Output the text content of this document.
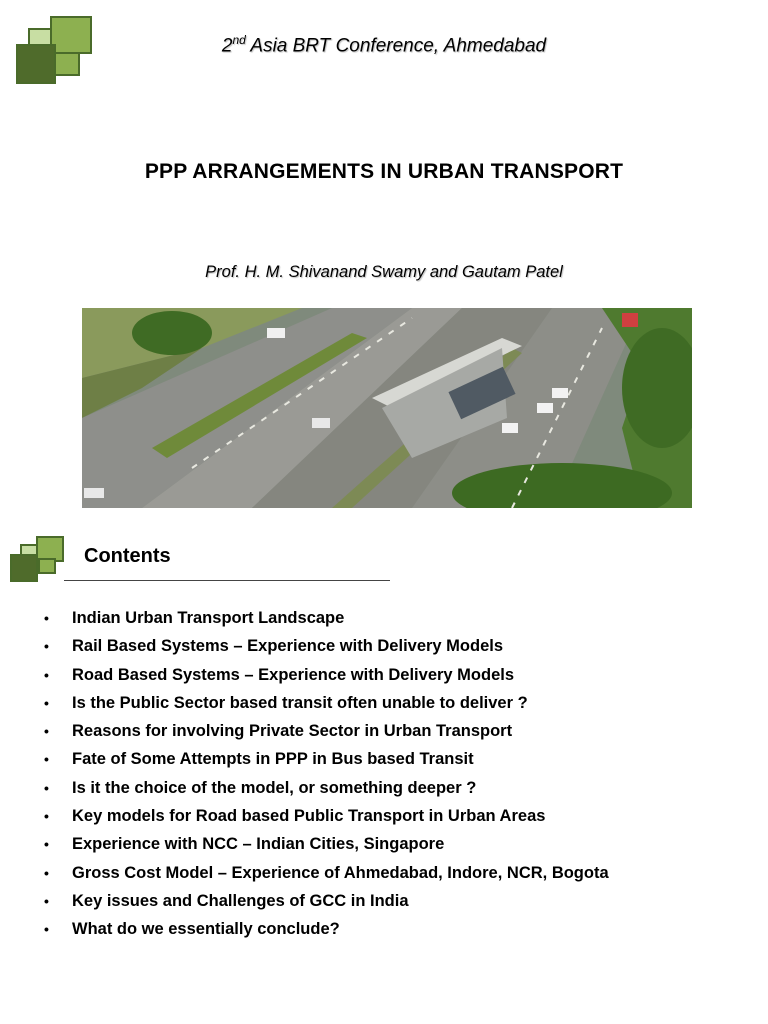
2nd Asia BRT Conference, Ahmedabad
PPP ARRANGEMENTS IN URBAN TRANSPORT
Prof. H. M. Shivanand Swamy and Gautam Patel
Contents
• Indian Urban Transport Landscape
• Rail Based Systems – Experience with Delivery Models
• Road Based Systems – Experience with Delivery Models
• Is the Public Sector based transit often unable to deliver ?
• Reasons for involving Private Sector in Urban Transport
• Fate of Some Attempts in PPP in Bus based Transit
• Is it the choice of the model, or something deeper ?
• Key models for Road based Public Transport in Urban Areas
• Experience with NCC – Indian Cities, Singapore
• Gross Cost Model – Experience of Ahmedabad, Indore, NCR, Bogota
• Key issues and Challenges of GCC in India
• What do we essentially conclude?
